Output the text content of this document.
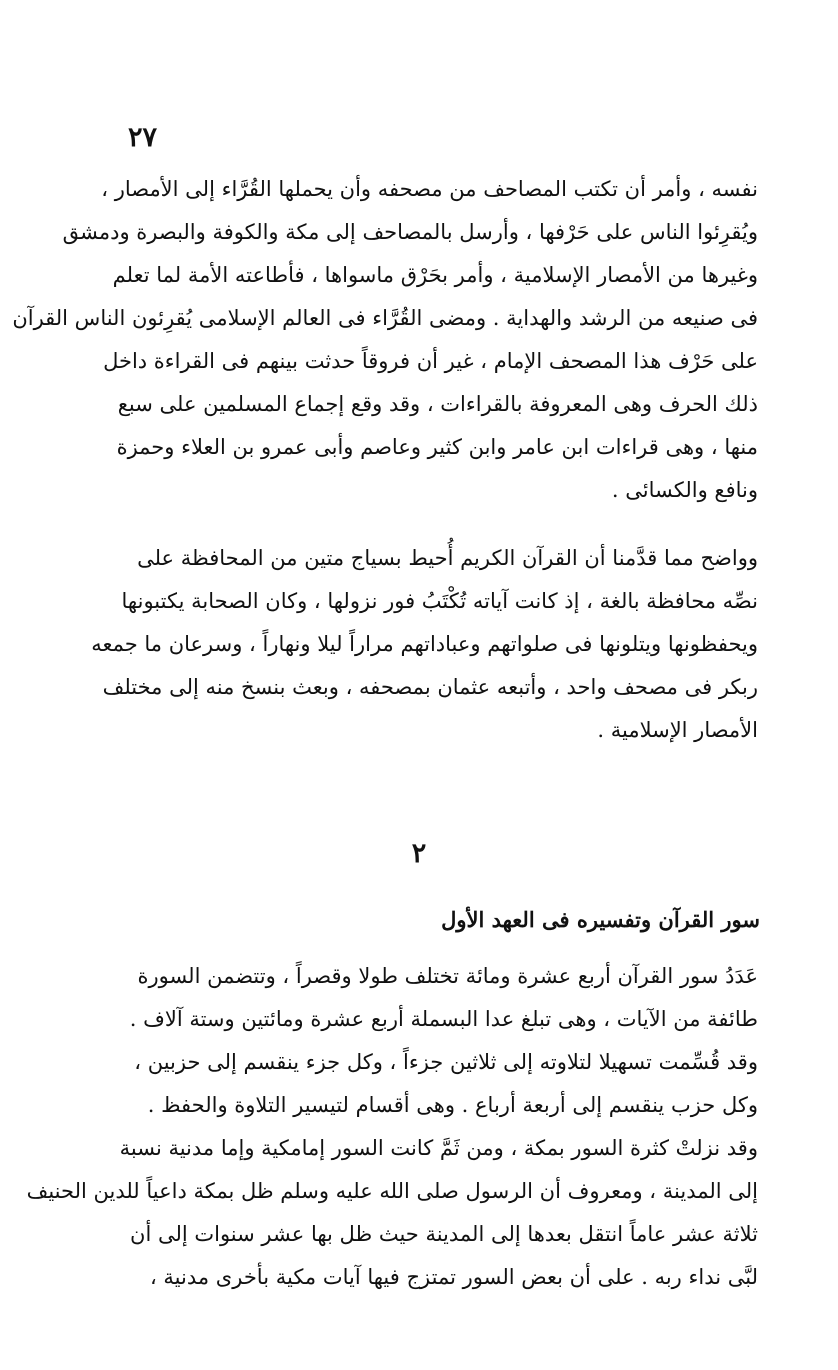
٢٧

نفسه ، وأمر أن تكتب المصاحف من مصحفه وأن يحملها القُرَّاء إلى الأمصار ،
ويُقرِئوا الناس على حَرْفها ، وأرسل بالمصاحف إلى مكة والكوفة والبصرة ودمشق
وغيرها من الأمصار الإسلامية ، وأمر بحَرْق ماسواها ، فأطاعته الأمة لما تعلم
فى صنيعه من الرشد والهداية . ومضى القُرَّاء فى العالم الإسلامى يُقرِئون الناس القرآن
على حَرْف هذا المصحف الإمام ، غير أن فروقاً حدثت بينهم فى القراءة داخل
ذلك الحرف وهى المعروفة بالقراءات ، وقد وقع إجماع المسلمين على سبع
منها ، وهى قراءات ابن عامر وابن كثير وعاصم وأبى عمرو بن العلاء وحمزة
ونافع والكسائى .

وواضح مما قدَّمنا أن القرآن الكريم أُحيط بسياج متين من المحافظة على
نصِّه محافظة بالغة ، إذ كانت آياته تُكْتَبُ فور نزولها ، وكان الصحابة يكتبونها
ويحفظونها ويتلونها فى صلواتهم وعباداتهم مراراً ليلا ونهاراً ، وسرعان ما جمعه
ربكر فى مصحف واحد ، وأتبعه عثمان بمصحفه ، وبعث بنسخ منه إلى مختلف
الأمصار الإسلامية .

٢
سور القرآن وتفسيره فى العهد الأول

عَدَدُ سور القرآن أربع عشرة ومائة تختلف طولا وقصراً ، وتتضمن السورة
طائفة من الآيات ، وهى تبلغ عدا البسملة أربع عشرة ومائتين وستة آلاف .
وقد قُسِّمت تسهيلا لتلاوته إلى ثلاثين جزءاً ، وكل جزء ينقسم إلى حزبين ،
وكل حزب ينقسم إلى أربعة أرباع . وهى أقسام لتيسير التلاوة والحفظ .
وقد نزلتْ كثرة السور بمكة ، ومن ثَمَّ كانت السور إمامكية وإما مدنية نسبة
إلى المدينة ، ومعروف أن الرسول صلى الله عليه وسلم ظل بمكة داعياً للدين الحنيف
ثلاثة عشر عاماً انتقل بعدها إلى المدينة حيث ظل بها عشر سنوات إلى أن
لبَّى نداء ربه . على أن بعض السور تمتزج فيها آيات مكية بأخرى مدنية ،
